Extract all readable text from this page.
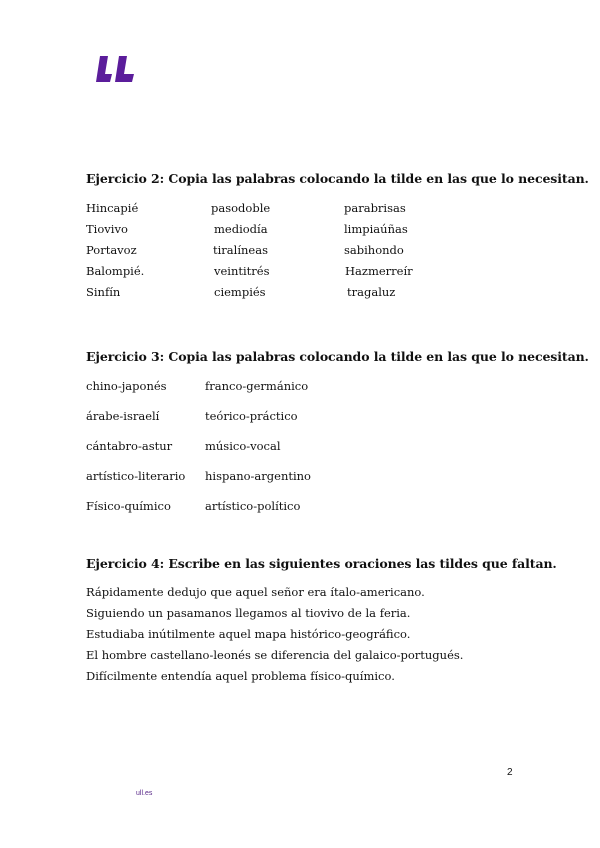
Ejercicio 2: Copia las palabras colocando la tilde en las que lo necesitan.
Hincapié	pasodoble	parabrisas
Tiovivo	mediodía	limpiaúñas
Portavoz	tiralíneas	sabihondo
Balompié.	veintitrés	Hazmerreír
Sinfín	ciempiés	tragaluz
Ejercicio 3: Copia las palabras colocando la tilde en las que lo necesitan.
chino-japonés	franco-germánico
árabe-israelí	teórico-práctico
cántabro-astur	músico-vocal
artístico-literario hispano-argentino
Físico-químico	artístico-político
Ejercicio 4: Escribe en las siguientes oraciones las tildes que faltan.
Rápidamente dedujo que aquel señor era ítalo-americano.
Siguiendo un pasamanos llegamos al tiovivo de la feria.
Estudiaba inútilmente aquel mapa histórico-geográfico.
El hombre castellano-leonés se diferencia del galaico-portugués.
Difícilmente entendía aquel problema físico-químico.
2
ull.es
